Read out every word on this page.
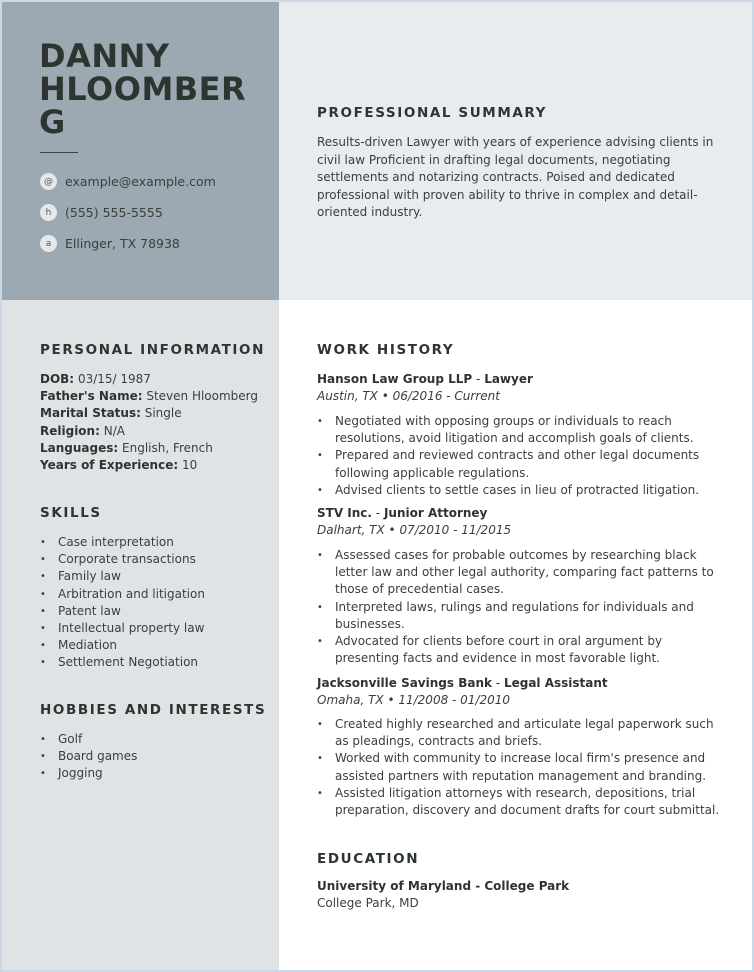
DANNY
HLOOMBER
G
@ example@example.com
h	(555) 555-5555
a	Ellinger, TX 78938
PROFESSIONAL SUMMARY
Results-driven Lawyer with years of experience advising clients in civil law Proficient in drafting legal documents, negotiating settlements and notarizing contracts. Poised and dedicated professional with proven ability to thrive in complex and detail-oriented industry.
PERSONAL INFORMATION
DOB: 03/15/ 1987
Father's Name: Steven Hloomberg
Marital Status: Single
Religion: N/A
Languages: English, French
Years of Experience: 10
SKILLS
• Case interpretation
• Corporate transactions
• Family law
• Arbitration and litigation
• Patent law
• Intellectual property law
• Mediation
• Settlement Negotiation
HOBBIES AND INTERESTS
• Golf
• Board games
• Jogging
WORK HISTORY
Hanson Law Group LLP - Lawyer
Austin, TX • 06/2016 - Current
• Negotiated with opposing groups or individuals to reach resolutions, avoid litigation and accomplish goals of clients.
• Prepared and reviewed contracts and other legal documents following applicable regulations.
• Advised clients to settle cases in lieu of protracted litigation.
STV Inc. - Junior Attorney
Dalhart, TX • 07/2010 - 11/2015
• Assessed cases for probable outcomes by researching black letter law and other legal authority, comparing fact patterns to those of precedential cases.
• Interpreted laws, rulings and regulations for individuals and businesses.
• Advocated for clients before court in oral argument by presenting facts and evidence in most favorable light.
Jacksonville Savings Bank - Legal Assistant
Omaha, TX • 11/2008 - 01/2010
• Created highly researched and articulate legal paperwork such as pleadings, contracts and briefs.
• Worked with community to increase local firm's presence and assisted partners with reputation management and branding.
• Assisted litigation attorneys with research, depositions, trial preparation, discovery and document drafts for court submittal.
EDUCATION
University of Maryland - College Park
College Park, MD
